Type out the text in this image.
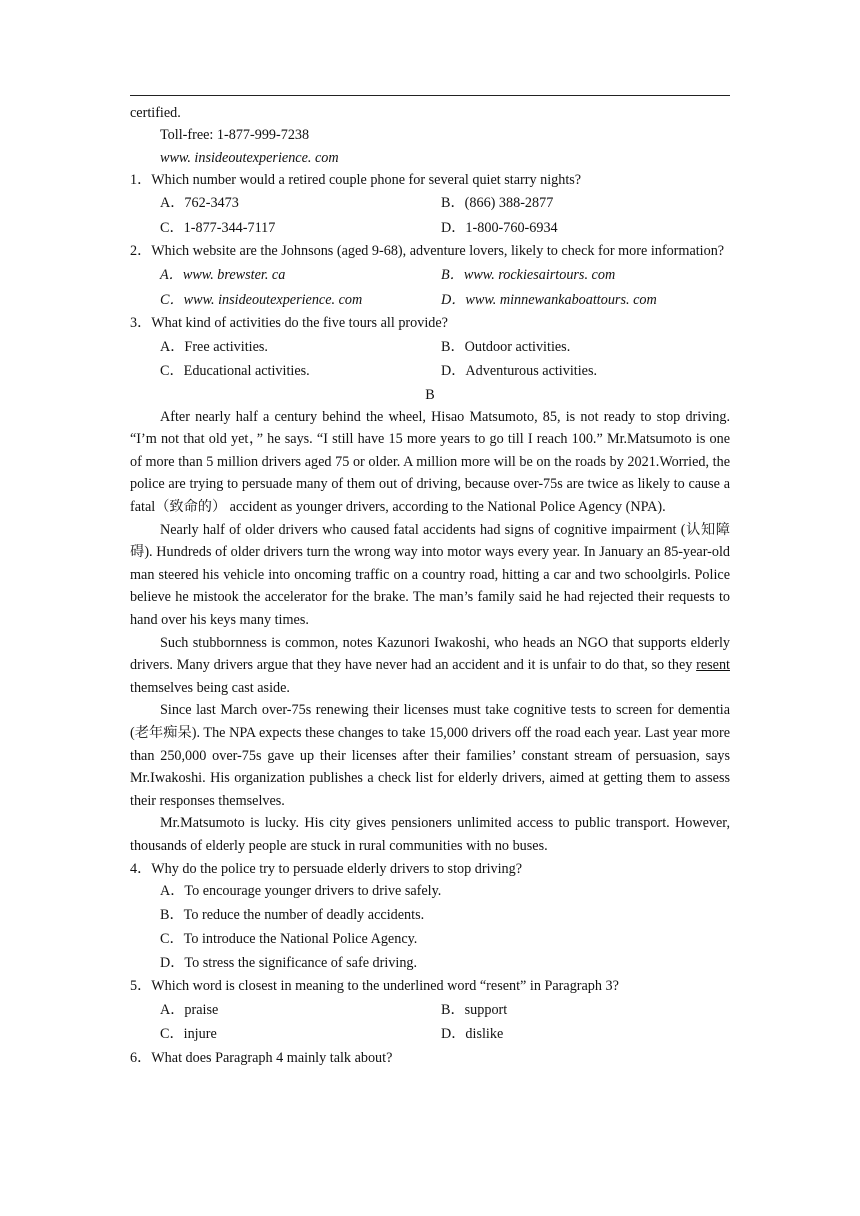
certified.
Toll-free: 1-877-999-7238
www. insideoutexperience. com
1．Which number would a retired couple phone for several quiet starry nights?
A．762-3473	B．(866) 388-2877
C．1-877-344-7117	D．1-800-760-6934
2．Which website are the Johnsons (aged 9-68), adventure lovers, likely to check for more information?
A．www. brewster. ca	B．www. rockiesairtours. com
C．www. insideoutexperience. com	D．www. minnewankaboattours. com
3．What kind of activities do the five tours all provide?
A．Free activities.	B．Outdoor activities.
C．Educational activities.	D．Adventurous activities.
B

After nearly half a century behind the wheel, Hisao Matsumoto, 85, is not ready to stop driving. “I’m not that old yet，” he says. “I still have 15 more years to go till I reach 100.” Mr.Matsumoto is one of more than 5 million drivers aged 75 or older. A million more will be on the roads by 2021.Worried, the police are trying to persuade many of them out of driving, because over-75s are twice as likely to cause a fatal（致命的） accident as younger drivers, according to the National Police Agency (NPA).

Nearly half of older drivers who caused fatal accidents had signs of cognitive impairment (认知障碍). Hundreds of older drivers turn the wrong way into motor ways every year. In January an 85-year-old man steered his vehicle into oncoming traffic on a country road, hitting a car and two schoolgirls. Police believe he mistook the accelerator for the brake. The man’s family said he had rejected their requests to hand over his keys many times.

Such stubbornness is common, notes Kazunori Iwakoshi, who heads an NGO that supports elderly drivers. Many drivers argue that they have never had an accident and it is unfair to do that, so they resent themselves being cast aside.

Since last March over-75s renewing their licenses must take cognitive tests to screen for dementia (老年痴呆). The NPA expects these changes to take 15,000 drivers off the road each year. Last year more than 250,000 over-75s gave up their licenses after their families’ constant stream of persuasion, says Mr.Iwakoshi. His organization publishes a check list for elderly drivers, aimed at getting them to assess their responses themselves.

Mr.Matsumoto is lucky. His city gives pensioners unlimited access to public transport. However, thousands of elderly people are stuck in rural communities with no buses.

4．Why do the police try to persuade elderly drivers to stop driving?
A．To encourage younger drivers to drive safely.
B．To reduce the number of deadly accidents.
C．To introduce the National Police Agency.
D．To stress the significance of safe driving.
5．Which word is closest in meaning to the underlined word “resent” in Paragraph 3?
A．praise	B．support
C．injure	D．dislike
6．What does Paragraph 4 mainly talk about?
